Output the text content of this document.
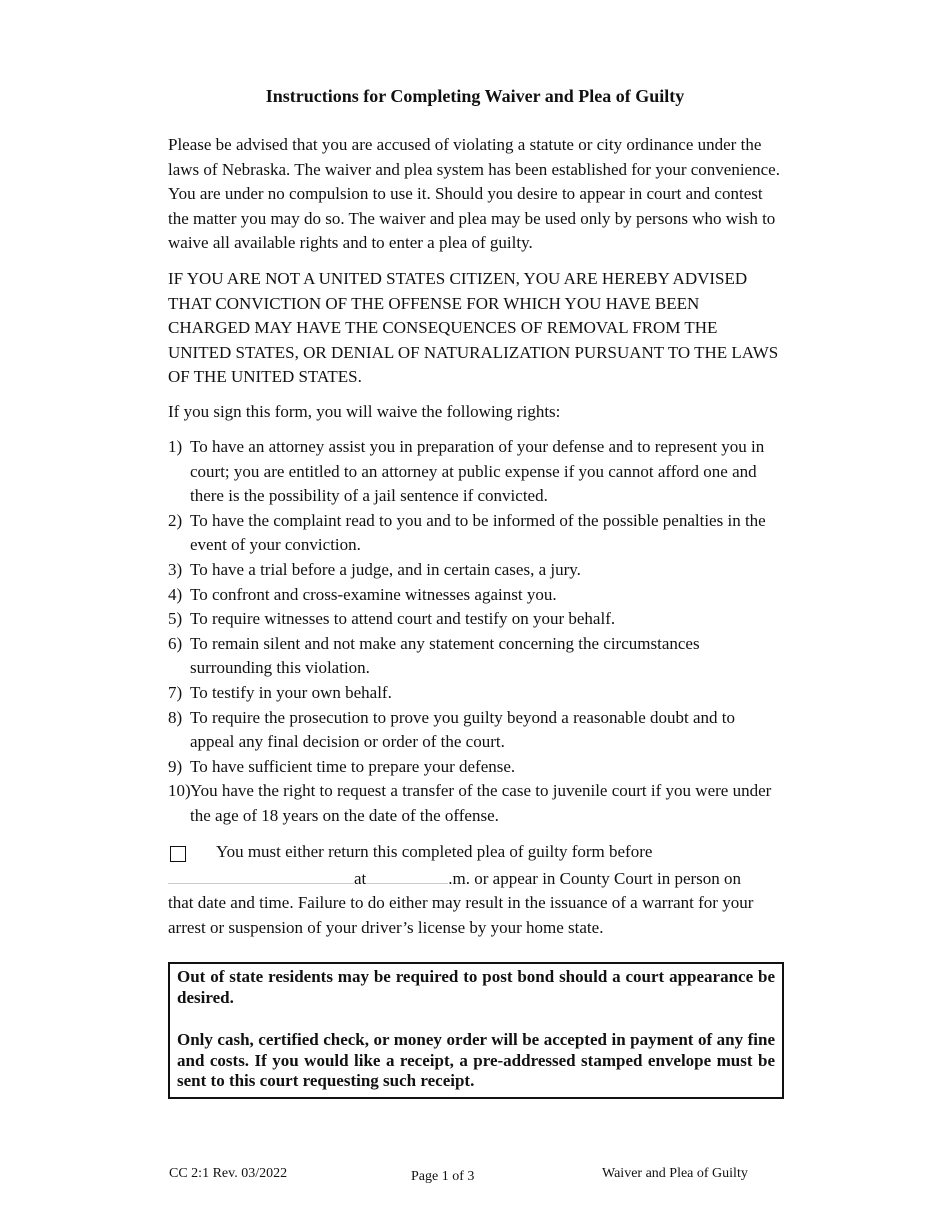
Instructions for Completing Waiver and Plea of Guilty
Please be advised that you are accused of violating a statute or city ordinance under the laws of Nebraska. The waiver and plea system has been established for your convenience. You are under no compulsion to use it. Should you desire to appear in court and contest the matter you may do so. The waiver and plea may be used only by persons who wish to waive all available rights and to enter a plea of guilty.
IF YOU ARE NOT A UNITED STATES CITIZEN, YOU ARE HEREBY ADVISED THAT CONVICTION OF THE OFFENSE FOR WHICH YOU HAVE BEEN CHARGED MAY HAVE THE CONSEQUENCES OF REMOVAL FROM THE UNITED STATES, OR DENIAL OF NATURALIZATION PURSUANT TO THE LAWS OF THE UNITED STATES.
If you sign this form, you will waive the following rights:
1) To have an attorney assist you in preparation of your defense and to represent you in court; you are entitled to an attorney at public expense if you cannot afford one and there is the possibility of a jail sentence if convicted.
2) To have the complaint read to you and to be informed of the possible penalties in the event of your conviction.
3) To have a trial before a judge, and in certain cases, a jury.
4) To confront and cross-examine witnesses against you.
5) To require witnesses to attend court and testify on your behalf.
6) To remain silent and not make any statement concerning the circumstances surrounding this violation.
7) To testify in your own behalf.
8) To require the prosecution to prove you guilty beyond a reasonable doubt and to appeal any final decision or order of the court.
9) To have sufficient time to prepare your defense.
10) You have the right to request a transfer of the case to juvenile court if you were under the age of 18 years on the date of the offense.
You must either return this completed plea of guilty form before
at	.m. or appear in County Court in person on
that date and time. Failure to do either may result in the issuance of a warrant for your arrest or suspension of your driver’s license by your home state.

Out of state residents may be required to post bond should a court appearance be desired.

Only cash, certified check, or money order will be accepted in payment of any fine and costs. If you would like a receipt, a pre-addressed stamped envelope must be sent to this court requesting such receipt.

CC 2:1 Rev. 03/2022	Page 1 of 3	Waiver and Plea of Guilty
